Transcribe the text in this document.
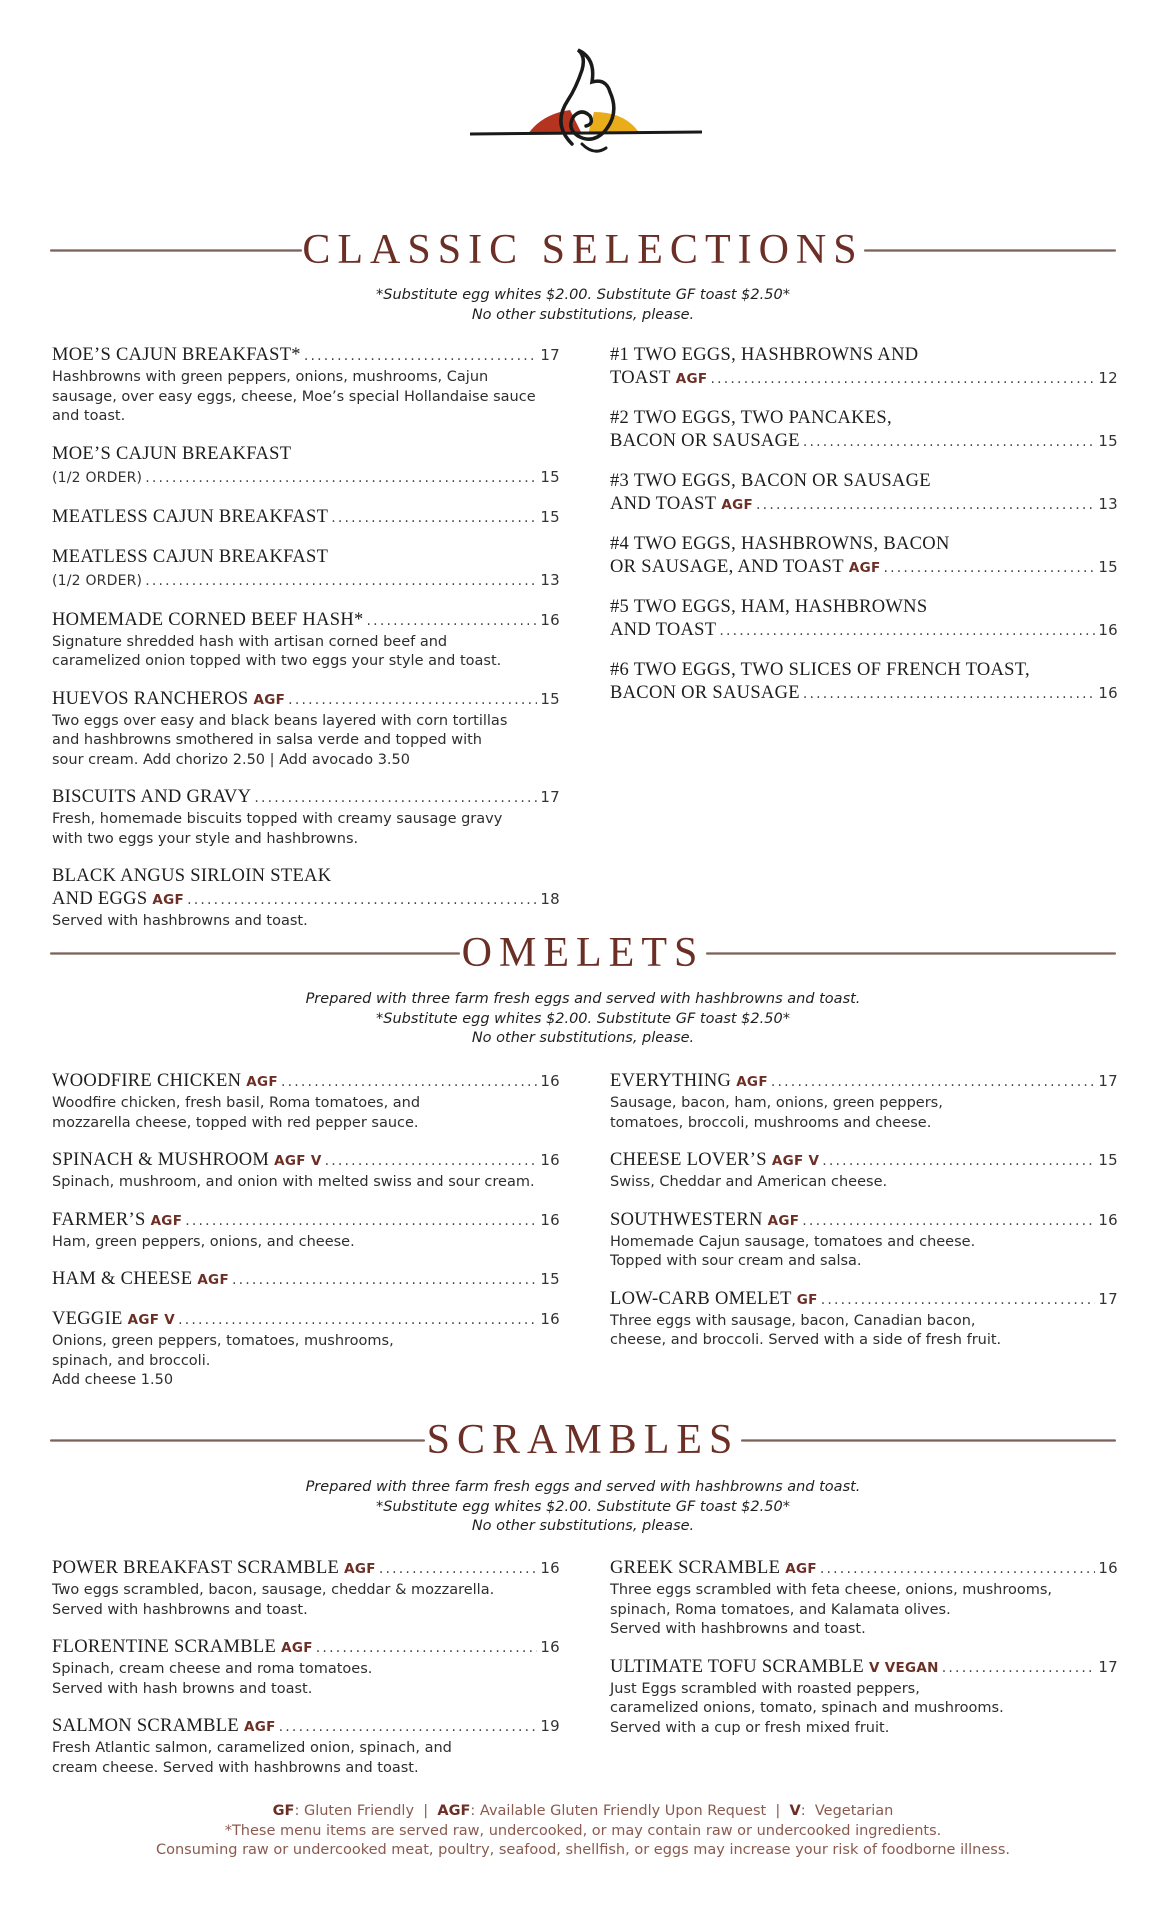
CLASSIC SELECTIONS
*Substitute egg whites $2.00. Substitute GF toast $2.50*
No other substitutions, please.
MOE’S CAJUN BREAKFAST* .....	17
Hashbrowns with green peppers, onions, mushrooms, Cajun
sausage, over easy eggs, cheese, Moe’s special Hollandaise sauce
and toast.
MOE’S CAJUN BREAKFAST
(1/2 ORDER) .....	15
MEATLESS CAJUN BREAKFAST .....	15
MEATLESS CAJUN BREAKFAST
(1/2 ORDER) .....	13
HOMEMADE CORNED BEEF HASH* .....	16
Signature shredded hash with artisan corned beef and
caramelized onion topped with two eggs your style and toast.
HUEVOS RANCHEROS AGF .....	15
Two eggs over easy and black beans layered with corn tortillas
and hashbrowns smothered in salsa verde and topped with
sour cream. Add chorizo 2.50 | Add avocado 3.50
BISCUITS AND GRAVY .....	17
Fresh, homemade biscuits topped with creamy sausage gravy
with two eggs your style and hashbrowns.
BLACK ANGUS SIRLOIN STEAK
AND EGGS AGF .....	18
Served with hashbrowns and toast.
#1 TWO EGGS, HASHBROWNS AND
TOAST AGF .....	12
#2 TWO EGGS, TWO PANCAKES,
BACON OR SAUSAGE .....	15
#3 TWO EGGS, BACON OR SAUSAGE
AND TOAST AGF .....	13
#4 TWO EGGS, HASHBROWNS, BACON
OR SAUSAGE, AND TOAST AGF .....	15
#5 TWO EGGS, HAM, HASHBROWNS
AND TOAST .....	16
#6 TWO EGGS, TWO SLICES OF FRENCH TOAST,
BACON OR SAUSAGE .....	16
OMELETS
Prepared with three farm fresh eggs and served with hashbrowns and toast.
*Substitute egg whites $2.00. Substitute GF toast $2.50*
No other substitutions, please.
WOODFIRE CHICKEN AGF .....	16
Woodfire chicken, fresh basil, Roma tomatoes, and
mozzarella cheese, topped with red pepper sauce.
SPINACH & MUSHROOM AGF V .....	16
Spinach, mushroom, and onion with melted swiss and sour cream.
FARMER’S AGF .....	16
Ham, green peppers, onions, and cheese.
HAM & CHEESE AGF .....	15
VEGGIE AGF V .....	16
Onions, green peppers, tomatoes, mushrooms,
spinach, and broccoli.
Add cheese 1.50
EVERYTHING AGF .....	17
Sausage, bacon, ham, onions, green peppers,
tomatoes, broccoli, mushrooms and cheese.
CHEESE LOVER’S AGF V .....	15
Swiss, Cheddar and American cheese.
SOUTHWESTERN AGF .....	16
Homemade Cajun sausage, tomatoes and cheese.
Topped with sour cream and salsa.
LOW-CARB OMELET GF .....	17
Three eggs with sausage, bacon, Canadian bacon,
cheese, and broccoli. Served with a side of fresh fruit.
SCRAMBLES
Prepared with three farm fresh eggs and served with hashbrowns and toast.
*Substitute egg whites $2.00. Substitute GF toast $2.50*
No other substitutions, please.
POWER BREAKFAST SCRAMBLE AGF .....	16
Two eggs scrambled, bacon, sausage, cheddar & mozzarella.
Served with hashbrowns and toast.
FLORENTINE SCRAMBLE AGF .....	16
Spinach, cream cheese and roma tomatoes.
Served with hash browns and toast.
SALMON SCRAMBLE AGF .....	19
Fresh Atlantic salmon, caramelized onion, spinach, and
cream cheese. Served with hashbrowns and toast.
GREEK SCRAMBLE AGF .....	16
Three eggs scrambled with feta cheese, onions, mushrooms,
spinach, Roma tomatoes, and Kalamata olives.
Served with hashbrowns and toast.
ULTIMATE TOFU SCRAMBLE V VEGAN .....	17
Just Eggs scrambled with roasted peppers,
caramelized onions, tomato, spinach and mushrooms.
Served with a cup or fresh mixed fruit.
GF: Gluten Friendly  |  AGF: Available Gluten Friendly Upon Request  |  V:  Vegetarian
*These menu items are served raw, undercooked, or may contain raw or undercooked ingredients.
Consuming raw or undercooked meat, poultry, seafood, shellfish, or eggs may increase your risk of foodborne illness.
